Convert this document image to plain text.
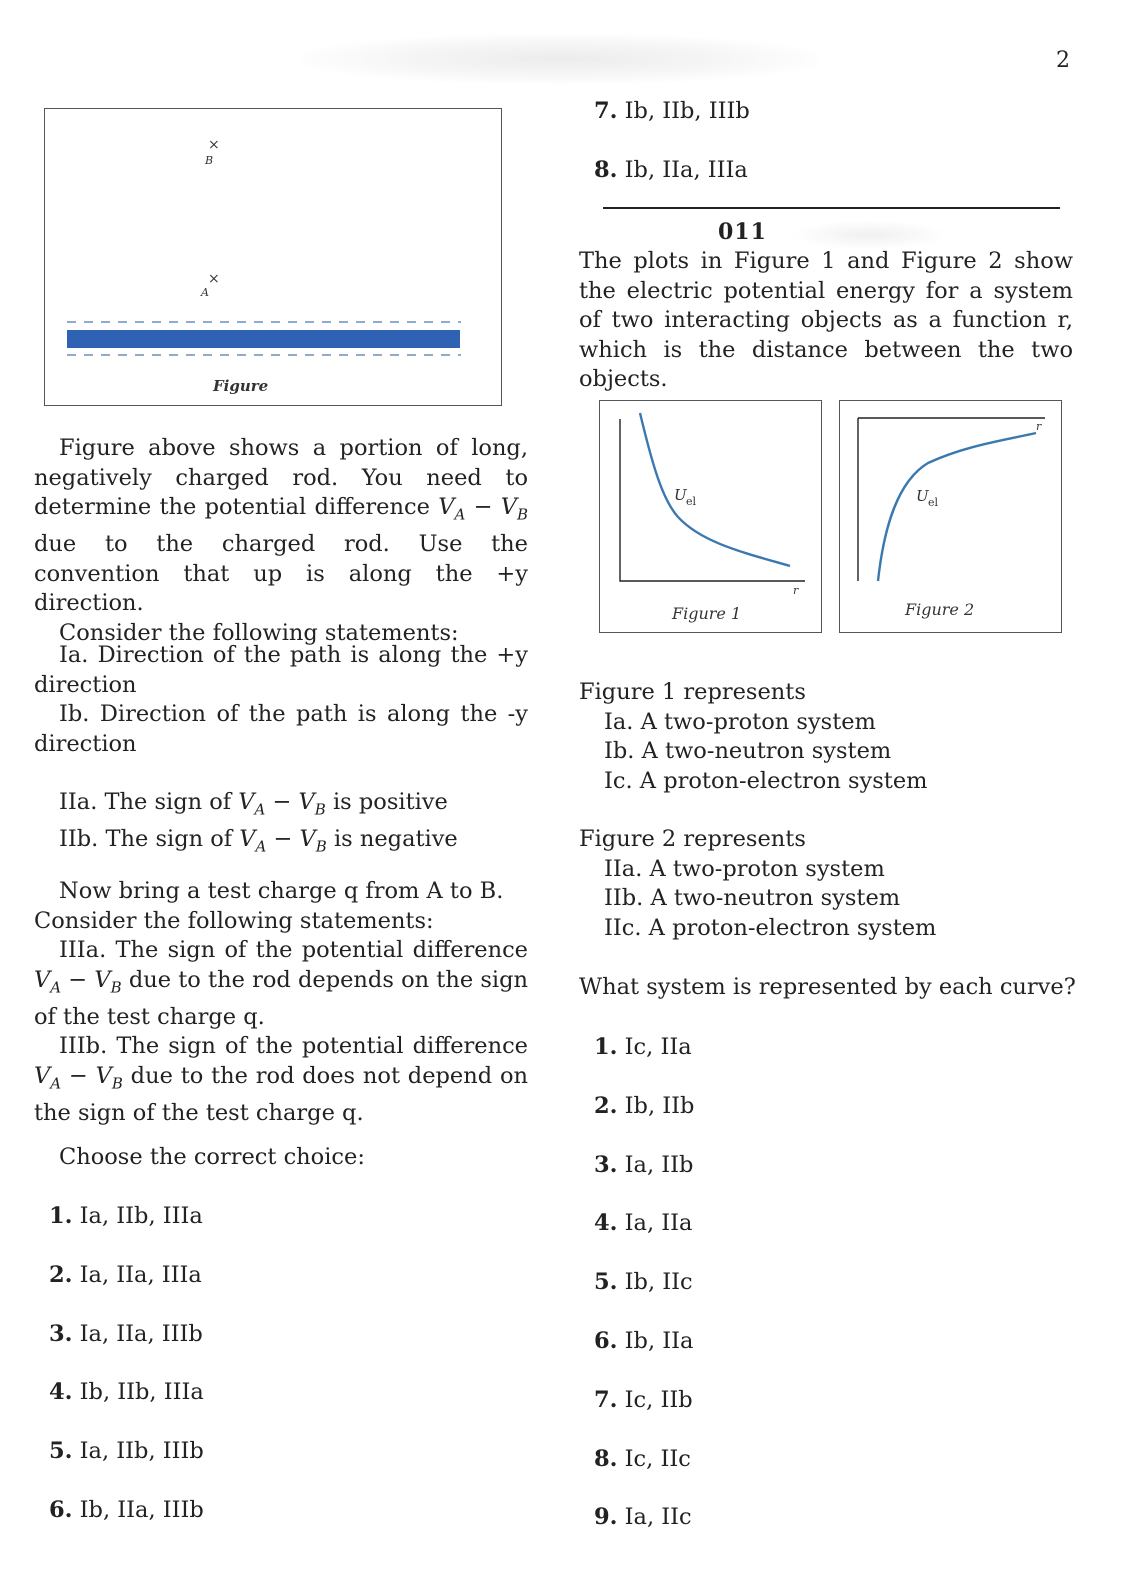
2
×
B
×
A
Figure
Figure above shows a portion of long, negatively charged rod. You need to determine the potential difference $V_A - V_B$ due to the charged rod. Use the convention that up is along the +y direction.
Consider the following statements:
Ia. Direction of the path is along the +y direction
Ib. Direction of the path is along the -y direction
IIa. The sign of $V_A - V_B$ is positive
IIb. The sign of $V_A - V_B$ is negative
Now bring a test charge q from A to B.
Consider the following statements:
IIIa. The sign of the potential difference $V_A - V_B$ due to the rod depends on the sign of the test charge q.
IIIb. The sign of the potential difference $V_A - V_B$ due to the rod does not depend on the sign of the test charge q.
Choose the correct choice:
1. Ia, IIb, IIIa
2. Ia, IIa, IIIa
3. Ia, IIa, IIIb
4. Ib, IIb, IIIa
5. Ia, IIb, IIIb
6. Ib, IIa, IIIb
7. Ib, IIb, IIIb
8. Ib, IIa, IIIa
011
The plots in Figure 1 and Figure 2 show the electric potential energy for a system of two interacting objects as a function r, which is the distance between the two objects.
U el
r
Figure 1
U el
r
Figure 2
Figure 1 represents
Ia. A two-proton system
Ib. A two-neutron system
Ic. A proton-electron system
Figure 2 represents
IIa. A two-proton system
IIb. A two-neutron system
IIc. A proton-electron system
What system is represented by each curve?
1. Ic, IIa
2. Ib, IIb
3. Ia, IIb
4. Ia, IIa
5. Ib, IIc
6. Ib, IIa
7. Ic, IIb
8. Ic, IIc
9. Ia, IIc
